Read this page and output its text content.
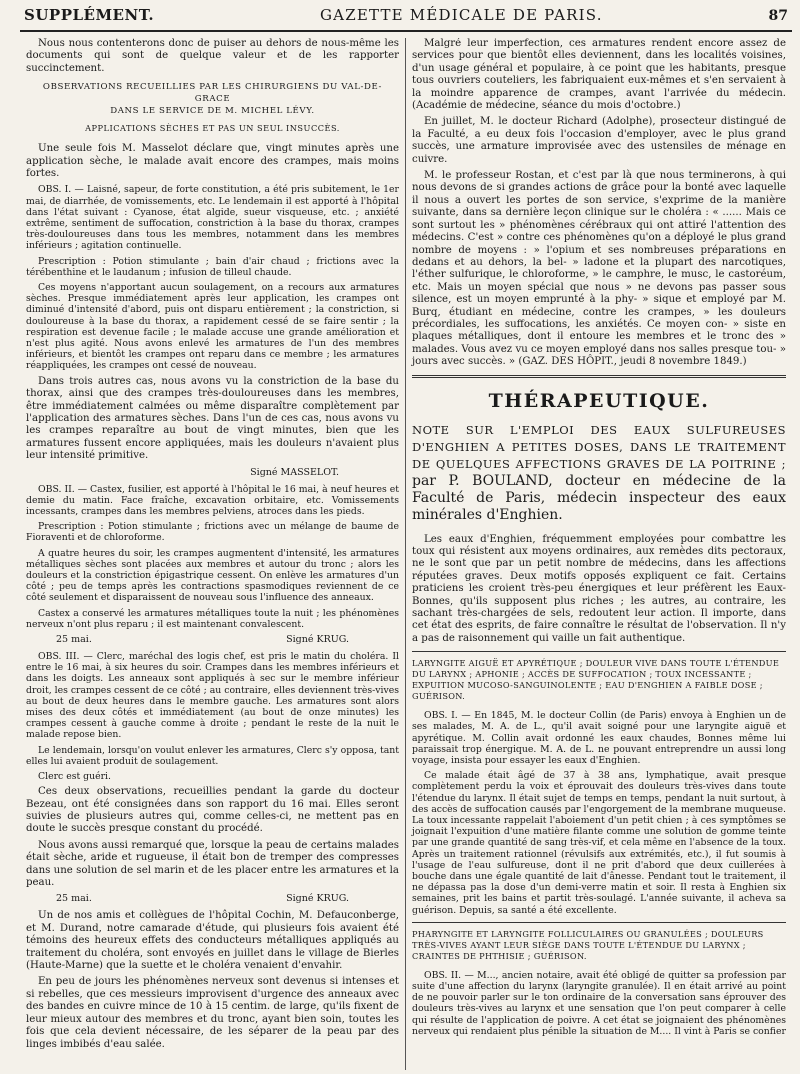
SUPPLÉMENT.	GAZETTE MÉDICALE DE PARIS.	87

Nous nous contenterons donc de puiser au dehors de nous-même les documents qui sont de quelque valeur et de les rapporter succinctement.

OBSERVATIONS RECUEILLIES PAR LES CHIRURGIENS DU VAL-DE-GRACE
DANS LE SERVICE DE M. MICHEL LÉVY.
APPLICATIONS SÈCHES ET PAS UN SEUL INSUCCÈS.

Une seule fois M. Masselot déclare que, vingt minutes après une application sèche, le malade avait encore des crampes, mais moins fortes.

OBS. I. — Laisné, sapeur, de forte constitution, a été pris subitement, le 1er mai, de diarrhée, de vomissements, etc. Le lendemain il est apporté à l'hôpital dans l'état suivant : Cyanose, état algide, sueur visqueuse, etc. ; anxiété extrême, sentiment de suffocation, constriction à la base du thorax, crampes très-douloureuses dans tous les membres, notamment dans les membres inférieurs ; agitation continuelle.

Prescription : Potion stimulante ; bain d'air chaud ; frictions avec la térébenthine et le laudanum ; infusion de tilleul chaude.

Ces moyens n'apportant aucun soulagement, on a recours aux armatures sèches. Presque immédiatement après leur application, les crampes ont diminué d'intensité d'abord, puis ont disparu entièrement ; la constriction, si douloureuse à la base du thorax, a rapidement cessé de se faire sentir ; la respiration est devenue facile ; le malade accuse une grande amélioration et n'est plus agité. Nous avons enlevé les armatures de l'un des membres inférieurs, et bientôt les crampes ont reparu dans ce membre ; les armatures réappliquées, les crampes ont cessé de nouveau.

Dans trois autres cas, nous avons vu la constriction de la base du thorax, ainsi que des crampes très-douloureuses dans les membres, être immédiatement calmées ou même disparaître complètement par l'application des armatures sèches. Dans l'un de ces cas, nous avons vu les crampes reparaître au bout de vingt minutes, bien que les armatures fussent encore appliquées, mais les douleurs n'avaient plus leur intensité primitive.

Signé MASSELOT.

OBS. II. — Castex, fusilier, est apporté à l'hôpital le 16 mai, à neuf heures et demie du matin. Face fraîche, excavation orbitaire, etc. Vomissements incessants, crampes dans les membres pelviens, atroces dans les pieds.

Prescription : Potion stimulante ; frictions avec un mélange de baume de Fioraventi et de chloroforme.

A quatre heures du soir, les crampes augmentent d'intensité, les armatures métalliques sèches sont placées aux membres et autour du tronc ; alors les douleurs et la constriction épigastrique cessent. On enlève les armatures d'un côté ; peu de temps après les contractions spasmodiques reviennent de ce côté seulement et disparaissent de nouveau sous l'influence des anneaux.

Castex a conservé les armatures métalliques toute la nuit ; les phénomènes nerveux n'ont plus reparu ; il est maintenant convalescent.

25 mai.	Signé KRUG.

OBS. III. — Clerc, maréchal des logis chef, est pris le matin du choléra. Il entre le 16 mai, à six heures du soir. Crampes dans les membres inférieurs et dans les doigts. Les anneaux sont appliqués à sec sur le membre inférieur droit, les crampes cessent de ce côté ; au contraire, elles deviennent très-vives au bout de deux heures dans le membre gauche. Les armatures sont alors mises des deux côtés et immédiatement (au bout de onze minutes) les crampes cessent à gauche comme à droite ; pendant le reste de la nuit le malade repose bien.

Le lendemain, lorsqu'on voulut enlever les armatures, Clerc s'y opposa, tant elles lui avaient produit de soulagement.

Clerc est guéri.

Ces deux observations, recueillies pendant la garde du docteur Bezeau, ont été consignées dans son rapport du 16 mai. Elles seront suivies de plusieurs autres qui, comme celles-ci, ne mettent pas en doute le succès presque constant du procédé.

Nous avons aussi remarqué que, lorsque la peau de certains malades était sèche, aride et rugueuse, il était bon de tremper des compresses dans une solution de sel marin et de les placer entre les armatures et la peau.

25 mai.	Signé KRUG.

Un de nos amis et collègues de l'hôpital Cochin, M. Defauconberge, et M. Durand, notre camarade d'étude, qui plusieurs fois avaient été témoins des heureux effets des conducteurs métalliques appliqués au traitement du choléra, sont envoyés en juillet dans le village de Bierles (Haute-Marne) que la suette et le choléra venaient d'envahir.

En peu de jours les phénomènes nerveux sont devenus si intenses et si rebelles, que ces messieurs improvisent d'urgence des anneaux avec des bandes en cuivre mince de 10 à 15 centim. de large, qu'ils fixent de leur mieux autour des membres et du tronc, ayant bien soin, toutes les fois que cela devient nécessaire, de les séparer de la peau par des linges imbibés d'eau salée.

Malgré leur imperfection, ces armatures rendent encore assez de services pour que bientôt elles deviennent, dans les localités voisines, d'un usage général et populaire, à ce point que les habitants, presque tous ouvriers couteliers, les fabriquaient eux-mêmes et s'en servaient à la moindre apparence de crampes, avant l'arrivée du médecin. (Académie de médecine, séance du mois d'octobre.)

En juillet, M. le docteur Richard (Adolphe), prosecteur distingué de la Faculté, a eu deux fois l'occasion d'employer, avec le plus grand succès, une armature improvisée avec des ustensiles de ménage en cuivre.

M. le professeur Rostan, et c'est par là que nous terminerons, à qui nous devons de si grandes actions de grâce pour la bonté avec laquelle il nous a ouvert les portes de son service, s'exprime de la manière suivante, dans sa dernière leçon clinique sur le choléra : « ...... Mais ce sont surtout les » phénomènes cérébraux qui ont attiré l'attention des médecins. C'est » contre ces phénomènes qu'on a déployé le plus grand nombre de moyens : » l'opium et ses nombreuses préparations en dedans et au dehors, la bel- » ladone et la plupart des narcotiques, l'éther sulfurique, le chloroforme, » le camphre, le musc, le castoréum, etc. Mais un moyen spécial que nous » ne devons pas passer sous silence, est un moyen emprunté à la phy- » sique et employé par M. Burq, étudiant en médecine, contre les crampes, » les douleurs précordiales, les suffocations, les anxiétés. Ce moyen con- » siste en plaques métalliques, dont il entoure les membres et le tronc des » malades. Vous avez vu ce moyen employé dans nos salles presque tou- » jours avec succès. » (GAZ. DES HÔPIT., jeudi 8 novembre 1849.)

THÉRAPEUTIQUE.
NOTE SUR L'EMPLOI DES EAUX SULFUREUSES D'ENGHIEN A PETITES DOSES, DANS LE TRAITEMENT DE QUELQUES AFFECTIONS GRAVES DE LA POITRINE ; par P. BOULAND, docteur en médecine de la Faculté de Paris, médecin inspecteur des eaux minérales d'Enghien.

Les eaux d'Enghien, fréquemment employées pour combattre les toux qui résistent aux moyens ordinaires, aux remèdes dits pectoraux, ne le sont que par un petit nombre de médecins, dans les affections réputées graves. Deux motifs opposés expliquent ce fait. Certains praticiens les croient très-peu énergiques et leur préfèrent les Eaux-Bonnes, qu'ils supposent plus riches ; les autres, au contraire, les sachant très-chargées de sels, redoutent leur action. Il importe, dans cet état des esprits, de faire connaître le résultat de l'observation. Il n'y a pas de raisonnement qui vaille un fait authentique.

LARYNGITE AIGUË ET APYRÉTIQUE ; DOULEUR VIVE DANS TOUTE L'ÉTENDUE DU LARYNX ; APHONIE ; ACCÈS DE SUFFOCATION ; TOUX INCESSANTE ; EXPUITION MUCOSO-SANGUINOLENTE ; EAU D'ENGHIEN A FAIBLE DOSE ; GUÉRISON.

OBS. I. — En 1845, M. le docteur Collin (de Paris) envoya à Enghien un de ses malades, M. A. de L., qu'il avait soigné pour une laryngite aiguë et apyrétique. M. Collin avait ordonné les eaux chaudes, Bonnes même lui paraissait trop énergique. M. A. de L. ne pouvant entreprendre un aussi long voyage, insista pour essayer les eaux d'Enghien.

Ce malade était âgé de 37 à 38 ans, lymphatique, avait presque complètement perdu la voix et éprouvait des douleurs très-vives dans toute l'étendue du larynx. Il était sujet de temps en temps, pendant la nuit surtout, à des accès de suffocation causés par l'engorgement de la membrane muqueuse. La toux incessante rappelait l'aboiement d'un petit chien ; à ces symptômes se joignait l'expuition d'une matière filante comme une solution de gomme teinte par une grande quantité de sang très-vif, et cela même en l'absence de la toux. Après un traitement rationnel (révulsifs aux extrémités, etc.), il fut soumis à l'usage de l'eau sulfureuse, dont il ne prit d'abord que deux cuillerées à bouche dans une égale quantité de lait d'ânesse. Pendant tout le traitement, il ne dépassa pas la dose d'un demi-verre matin et soir. Il resta à Enghien six semaines, prit les bains et partit très-soulagé. L'année suivante, il acheva sa guérison. Depuis, sa santé a été excellente.

PHARYNGITE ET LARYNGITE FOLLICULAIRES OU GRANULÉES ; DOULEURS TRÈS-VIVES AYANT LEUR SIÈGE DANS TOUTE L'ÉTENDUE DU LARYNX ; CRAINTES DE PHTHISIE ; GUÉRISON.

OBS. II. — M..., ancien notaire, avait été obligé de quitter sa profession par suite d'une affection du larynx (laryngite granulée). Il en était arrivé au point de ne pouvoir parler sur le ton ordinaire de la conversation sans éprouver des douleurs très-vives au larynx et une sensation que l'on peut comparer à celle qui résulte de l'application de poivre. A cet état se joignaient des phénomènes nerveux qui rendaient plus pénible la situation de M.... Il vint à Paris se confier
